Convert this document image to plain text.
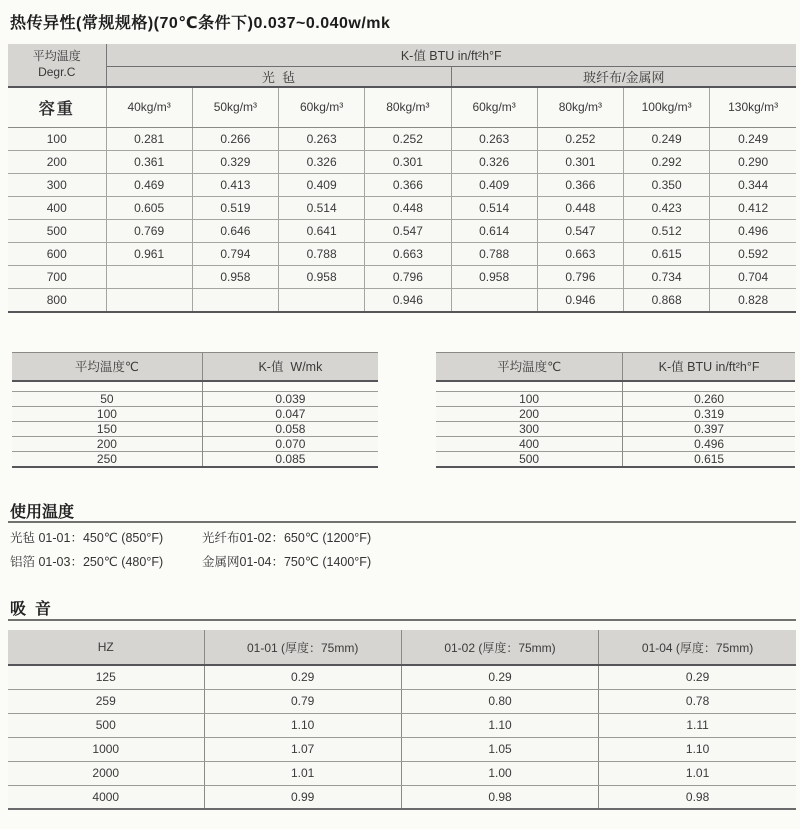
热传异性(常规规格)(70℃条件下)0.037~0.040w/mk
平均温度
Degr.C	K-值 BTU in/ft²h°F							
	光  毡				玻纤布/金属网			
容重	40kg/m³	50kg/m³	60kg/m³	80kg/m³	60kg/m³	80kg/m³	100kg/m³	130kg/m³
100	0.281	0.266	0.263	0.252	0.263	0.252	0.249	0.249
200	0.361	0.329	0.326	0.301	0.326	0.301	0.292	0.290
300	0.469	0.413	0.409	0.366	0.409	0.366	0.350	0.344
400	0.605	0.519	0.514	0.448	0.514	0.448	0.423	0.412
500	0.769	0.646	0.641	0.547	0.614	0.547	0.512	0.496
600	0.961	0.794	0.788	0.663	0.788	0.663	0.615	0.592
700		0.958	0.958	0.796	0.958	0.796	0.734	0.704
800				0.946		0.946	0.868	0.828
平均温度℃	K-值  W/mk

50	0.039
100	0.047
150	0.058
200	0.070
250	0.085
平均温度℃	K-值 BTU in/ft²h°F

100	0.260
200	0.319
300	0.397
400	0.496
500	0.615
使用温度
光毡 01-01：450℃ (850°F)	光纤布01-02：650℃ (1200°F)
铝箔 01-03：250℃ (480°F)	金属网01-04：750℃ (1400°F)
吸  音
HZ	01-01 (厚度：75mm)	01-02 (厚度：75mm)	01-04 (厚度：75mm)
125	0.29	0.29	0.29
259	0.79	0.80	0.78
500	1.10	1.10	1.11
1000	1.07	1.05	1.10
2000	1.01	1.00	1.01
4000	0.99	0.98	0.98
